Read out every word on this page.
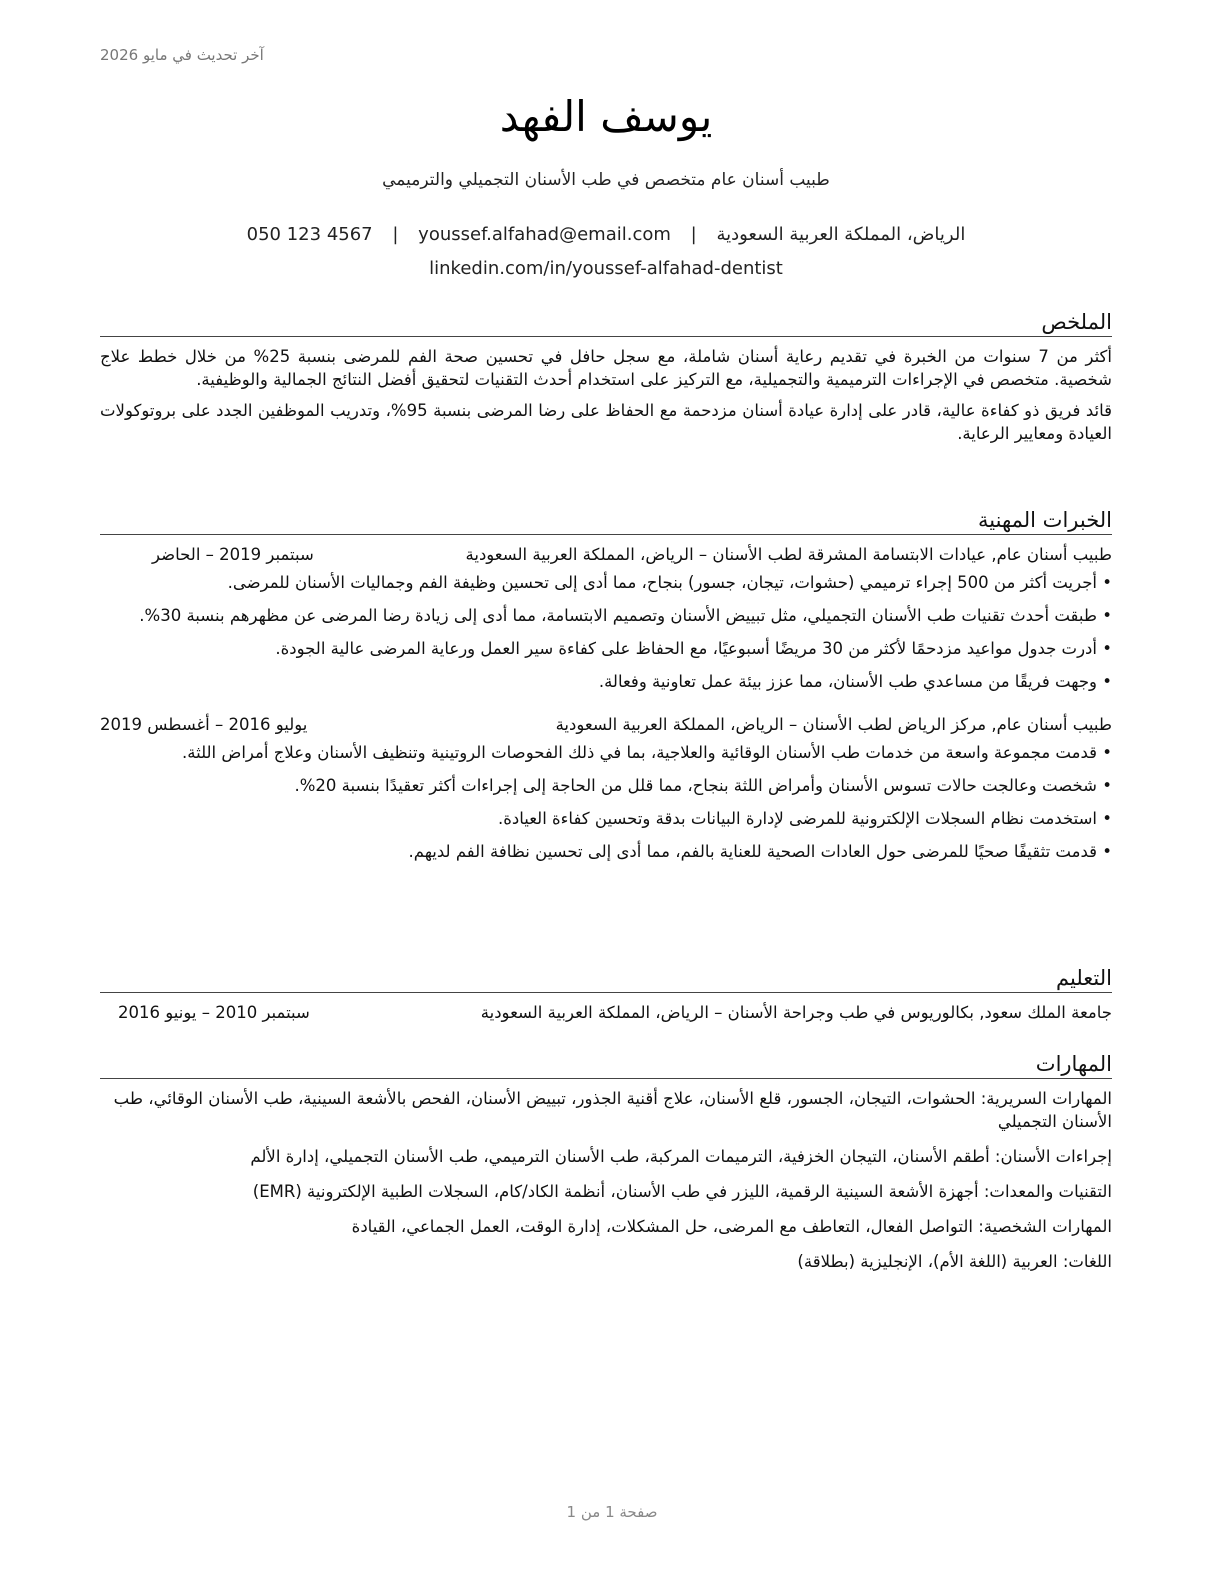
آخر تحديث في مايو 2026
يوسف الفهد
طبيب أسنان عام متخصص في طب الأسنان التجميلي والترميمي
الرياض، المملكة العربية السعودية | youssef.alfahad@email.com | 050 123 4567
linkedin.com/in/youssef-alfahad-dentist
الملخص

أكثر من 7 سنوات من الخبرة في تقديم رعاية أسنان شاملة، مع سجل حافل في تحسين صحة الفم للمرضى بنسبة 25% من خلال خطط علاج شخصية. متخصص في الإجراءات الترميمية والتجميلية، مع التركيز على استخدام أحدث التقنيات لتحقيق أفضل النتائج الجمالية والوظيفية.

قائد فريق ذو كفاءة عالية، قادر على إدارة عيادة أسنان مزدحمة مع الحفاظ على رضا المرضى بنسبة 95%، وتدريب الموظفين الجدد على بروتوكولات العيادة ومعايير الرعاية.

الخبرات المهنية
طبيب أسنان عام, عيادات الابتسامة المشرقة لطب الأسنان – الرياض، المملكة العربية السعودية
سبتمبر 2019 – الحاضر
• أجريت أكثر من 500 إجراء ترميمي (حشوات، تيجان، جسور) بنجاح، مما أدى إلى تحسين وظيفة الفم وجماليات الأسنان للمرضى.
• طبقت أحدث تقنيات طب الأسنان التجميلي، مثل تبييض الأسنان وتصميم الابتسامة، مما أدى إلى زيادة رضا المرضى عن مظهرهم بنسبة 30%.
• أدرت جدول مواعيد مزدحمًا لأكثر من 30 مريضًا أسبوعيًا، مع الحفاظ على كفاءة سير العمل ورعاية المرضى عالية الجودة.
• وجهت فريقًا من مساعدي طب الأسنان، مما عزز بيئة عمل تعاونية وفعالة.
طبيب أسنان عام, مركز الرياض لطب الأسنان – الرياض، المملكة العربية السعودية
يوليو 2016 – أغسطس 2019
• قدمت مجموعة واسعة من خدمات طب الأسنان الوقائية والعلاجية، بما في ذلك الفحوصات الروتينية وتنظيف الأسنان وعلاج أمراض اللثة.
• شخصت وعالجت حالات تسوس الأسنان وأمراض اللثة بنجاح، مما قلل من الحاجة إلى إجراءات أكثر تعقيدًا بنسبة 20%.
• استخدمت نظام السجلات الإلكترونية للمرضى لإدارة البيانات بدقة وتحسين كفاءة العيادة.
• قدمت تثقيفًا صحيًا للمرضى حول العادات الصحية للعناية بالفم، مما أدى إلى تحسين نظافة الفم لديهم.
التعليم
جامعة الملك سعود, بكالوريوس في طب وجراحة الأسنان – الرياض، المملكة العربية السعودية
سبتمبر 2010 – يونيو 2016
المهارات
المهارات السريرية: الحشوات، التيجان، الجسور، قلع الأسنان، علاج أقنية الجذور، تبييض الأسنان، الفحص بالأشعة السينية، طب الأسنان الوقائي، طب الأسنان التجميلي
إجراءات الأسنان: أطقم الأسنان، التيجان الخزفية، الترميمات المركبة، طب الأسنان الترميمي، طب الأسنان التجميلي، إدارة الألم
التقنيات والمعدات: أجهزة الأشعة السينية الرقمية، الليزر في طب الأسنان، أنظمة الكاد/كام، السجلات الطبية الإلكترونية (EMR)
المهارات الشخصية: التواصل الفعال، التعاطف مع المرضى، حل المشكلات، إدارة الوقت، العمل الجماعي، القيادة
اللغات: العربية (اللغة الأم)، الإنجليزية (بطلاقة)
صفحة 1 من 1
